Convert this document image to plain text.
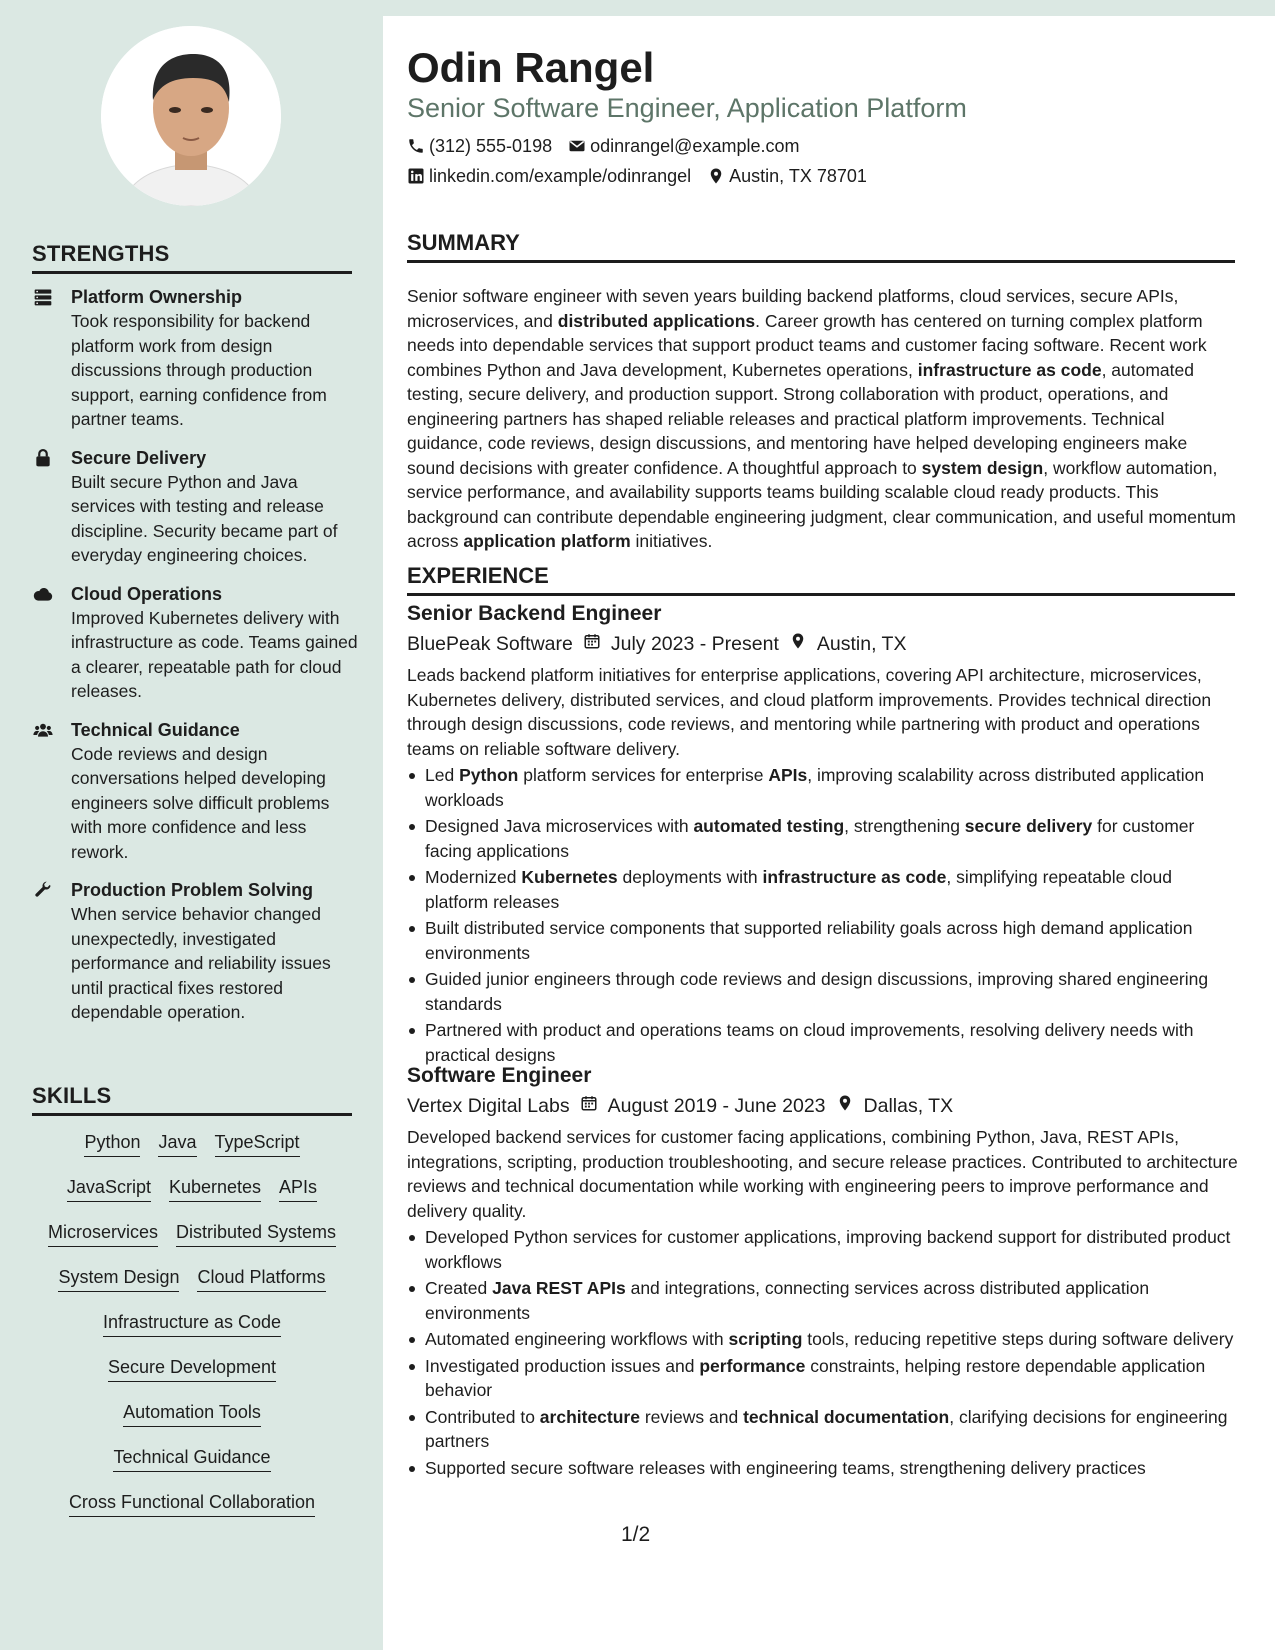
STRENGTHS
Platform Ownership

Took responsibility for backend platform work from design discussions through production support, earning confidence from partner teams.

Secure Delivery

Built secure Python and Java services with testing and release discipline. Security became part of everyday engineering choices.

Cloud Operations

Improved Kubernetes delivery with infrastructure as code. Teams gained a clearer, repeatable path for cloud releases.

Technical Guidance

Code reviews and design conversations helped developing engineers solve difficult problems with more confidence and less rework.

Production Problem Solving

When service behavior changed unexpectedly, investigated performance and reliability issues until practical fixes restored dependable operation.

SKILLS
Python Java TypeScript
JavaScript Kubernetes APIs
Microservices Distributed Systems
System Design Cloud Platforms
Infrastructure as Code
Secure Development
Automation Tools
Technical Guidance
Cross Functional Collaboration
Odin Rangel
Senior Software Engineer, Application Platform
(312) 555-0198 odinrangel@example.com
linkedin.com/example/odinrangel Austin, TX 78701
SUMMARY
Senior software engineer with seven years building backend platforms, cloud services, secure APIs, microservices, and distributed applications. Career growth has centered on turning complex platform needs into dependable services that support product teams and customer facing software. Recent work combines Python and Java development, Kubernetes operations, infrastructure as code, automated testing, secure delivery, and production support. Strong collaboration with product, operations, and engineering partners has shaped reliable releases and practical platform improvements. Technical guidance, code reviews, design discussions, and mentoring have helped developing engineers make sound decisions with greater confidence. A thoughtful approach to system design, workflow automation, service performance, and availability supports teams building scalable cloud ready products. This background can contribute dependable engineering judgment, clear communication, and useful momentum across application platform initiatives.
EXPERIENCE
Senior Backend Engineer
BluePeak Software July 2023 - Present Austin, TX
Leads backend platform initiatives for enterprise applications, covering API architecture, microservices, Kubernetes delivery, distributed services, and cloud platform improvements. Provides technical direction through design discussions, code reviews, and mentoring while partnering with product and operations teams on reliable software delivery.
Led Python platform services for enterprise APIs, improving scalability across distributed application workloads
Designed Java microservices with automated testing, strengthening secure delivery for customer facing applications
Modernized Kubernetes deployments with infrastructure as code, simplifying repeatable cloud platform releases
Built distributed service components that supported reliability goals across high demand application environments
Guided junior engineers through code reviews and design discussions, improving shared engineering standards
Partnered with product and operations teams on cloud improvements, resolving delivery needs with practical designs
Software Engineer
Vertex Digital Labs August 2019 - June 2023 Dallas, TX
Developed backend services for customer facing applications, combining Python, Java, REST APIs, integrations, scripting, production troubleshooting, and secure release practices. Contributed to architecture reviews and technical documentation while working with engineering peers to improve performance and delivery quality.
Developed Python services for customer applications, improving backend support for distributed product workflows
Created Java REST APIs and integrations, connecting services across distributed application environments
Automated engineering workflows with scripting tools, reducing repetitive steps during software delivery
Investigated production issues and performance constraints, helping restore dependable application behavior
Contributed to architecture reviews and technical documentation, clarifying decisions for engineering partners
Supported secure software releases with engineering teams, strengthening delivery practices
1/2
